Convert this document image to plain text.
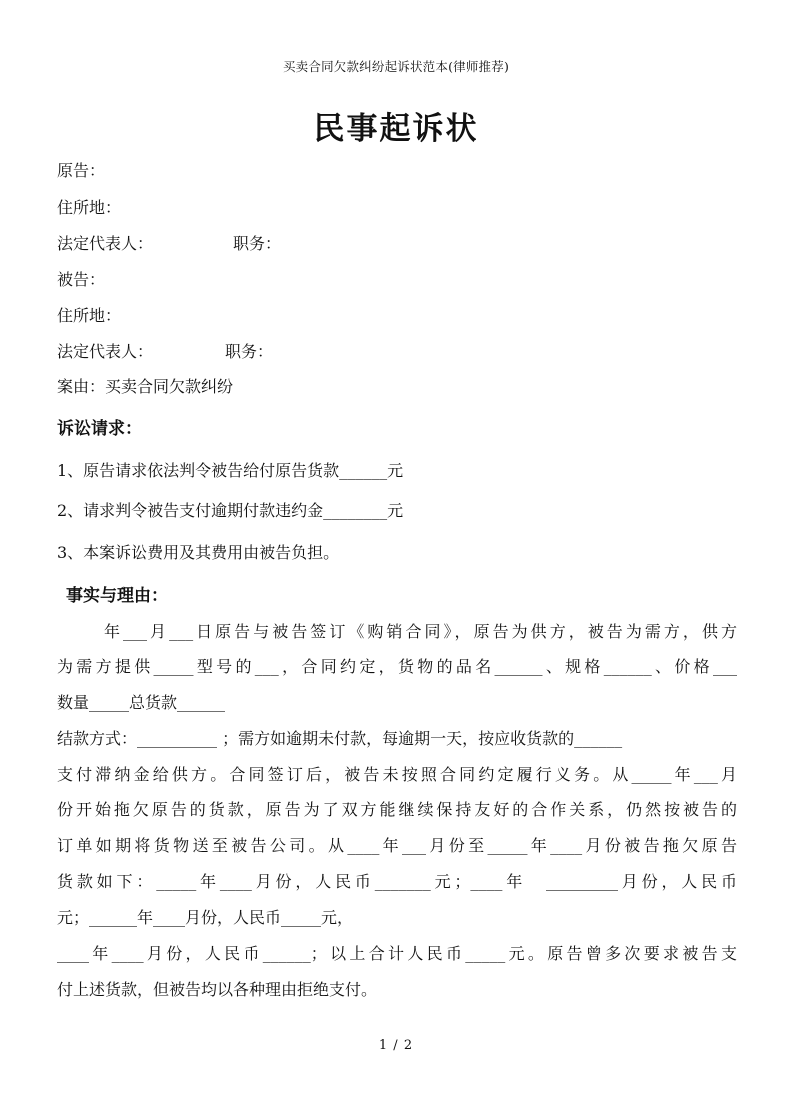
买卖合同欠款纠纷起诉状范本(律师推荐)
民事起诉状
原告：
住所地：
法定代表人：	职务：
被告：
住所地：
法定代表人：	职务：
案由：买卖合同欠款纠纷
诉讼请求：
1、原告请求依法判令被告给付原告货款______元
2、请求判令被告支付逾期付款违约金________元
3、本案诉讼费用及其费用由被告负担。
事实与理由：
年___月___日原告与被告签订《购销合同》，原告为供方，被告为需方，供方
为需方提供_____型号的___，合同约定，货物的品名______、规格______、价格___
数量_____总货款______
结款方式：__________ ；需方如逾期未付款，每逾期一天，按应收货款的______
支付滞纳金给供方。合同签订后，被告未按照合同约定履行义务。从_____年___月
份开始拖欠原告的货款，原告为了双方能继续保持友好的合作关系，仍然按被告的
订单如期将货物送至被告公司。从____年___月份至_____年____月份被告拖欠原告
货款如下：_____年____月份，人民币_______元；____年　_________月份，人民币
元；______年____月份，人民币_____元，
____年____月份，人民币______；以上合计人民币_____元。原告曾多次要求被告支
付上述货款，但被告均以各种理由拒绝支付。
1 / 2
